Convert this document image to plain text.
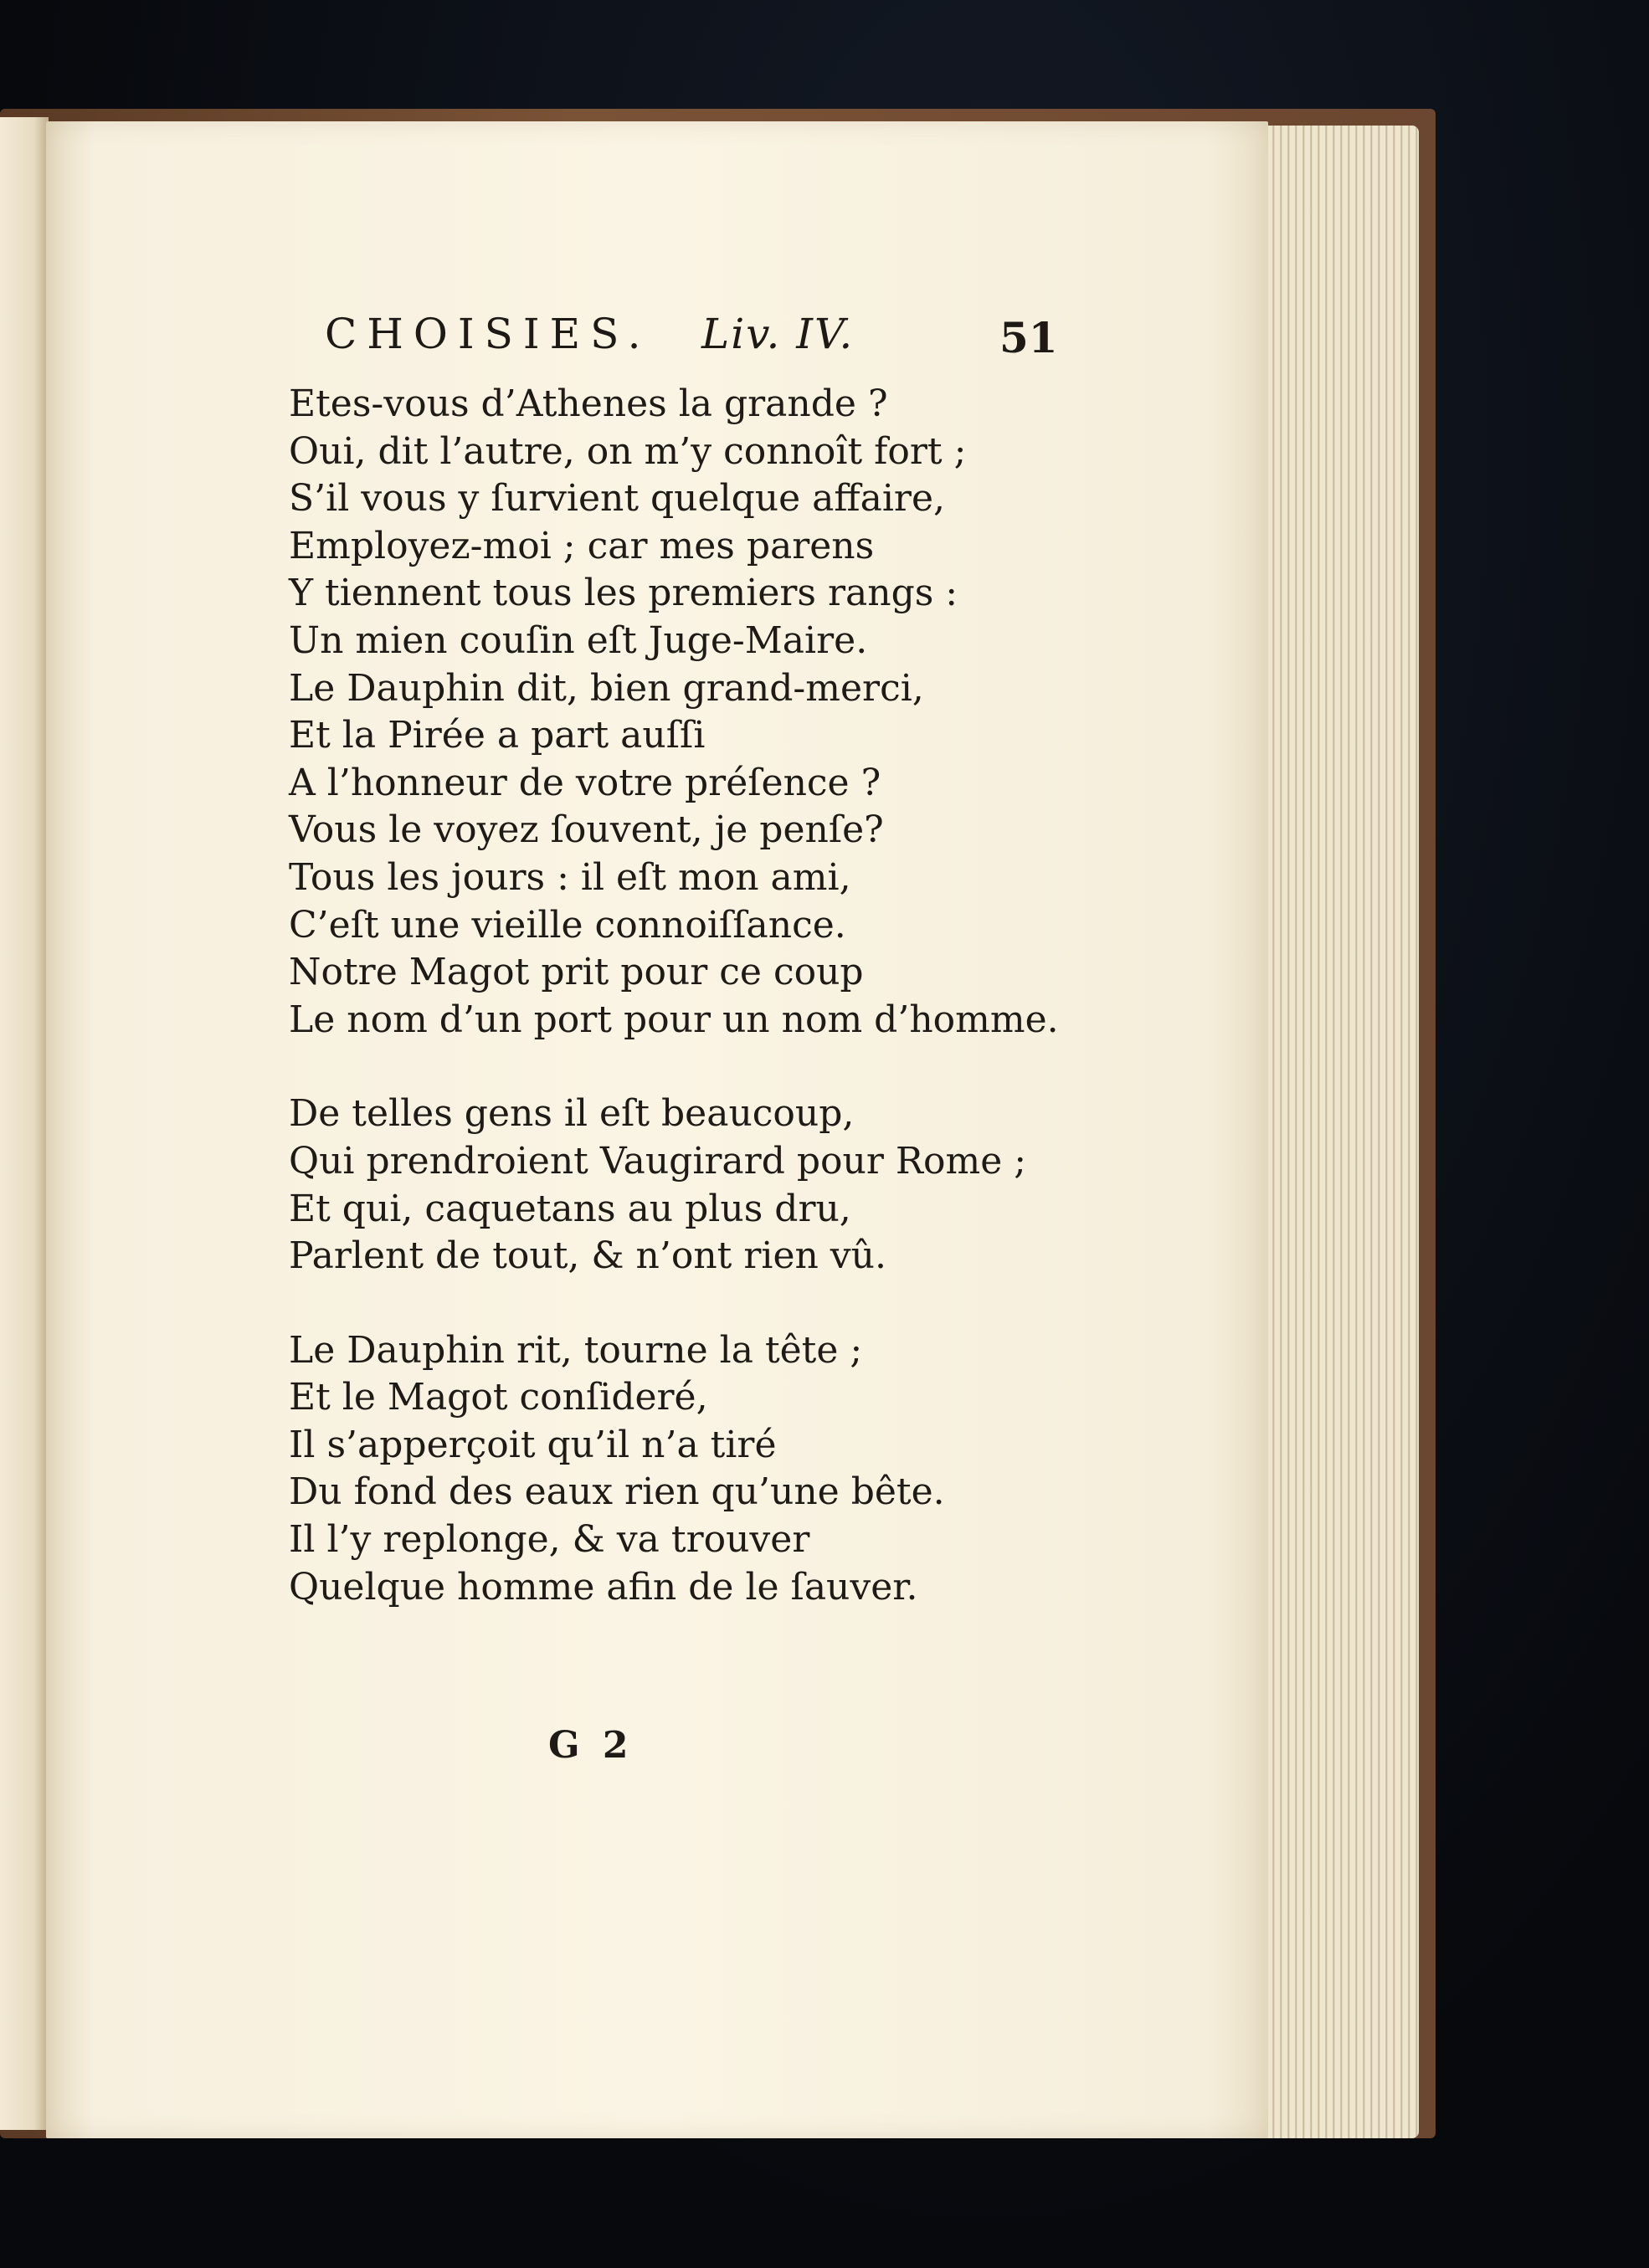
CHOISIES. Liv. IV.	51
Etes-vous d’Athenes la grande ?
Oui, dit l’autre, on m’y connoît fort ;
S’il vous y ſurvient quelque affaire,
Employez-moi ; car mes parens
Y tiennent tous les premiers rangs :
Un mien couſin eſt Juge-Maire.
Le Dauphin dit, bien grand-merci,
Et la Pirée a part auſſi
A l’honneur de votre préſence ?
Vous le voyez ſouvent, je penſe?
Tous les jours : il eſt mon ami,
C’eſt une vieille connoiſſance.
Notre Magot prit pour ce coup
Le nom d’un port pour un nom d’homme.
De telles gens il eſt beaucoup,
Qui prendroient Vaugirard pour Rome ;
Et qui, caquetans au plus dru,
Parlent de tout, & n’ont rien vû.
Le Dauphin rit, tourne la tête ;
Et le Magot conſideré,
Il s’apperçoit qu’il n’a tiré
Du fond des eaux rien qu’une bête.
Il l’y replonge, & va trouver
Quelque homme afin de le ſauver.
G 2
